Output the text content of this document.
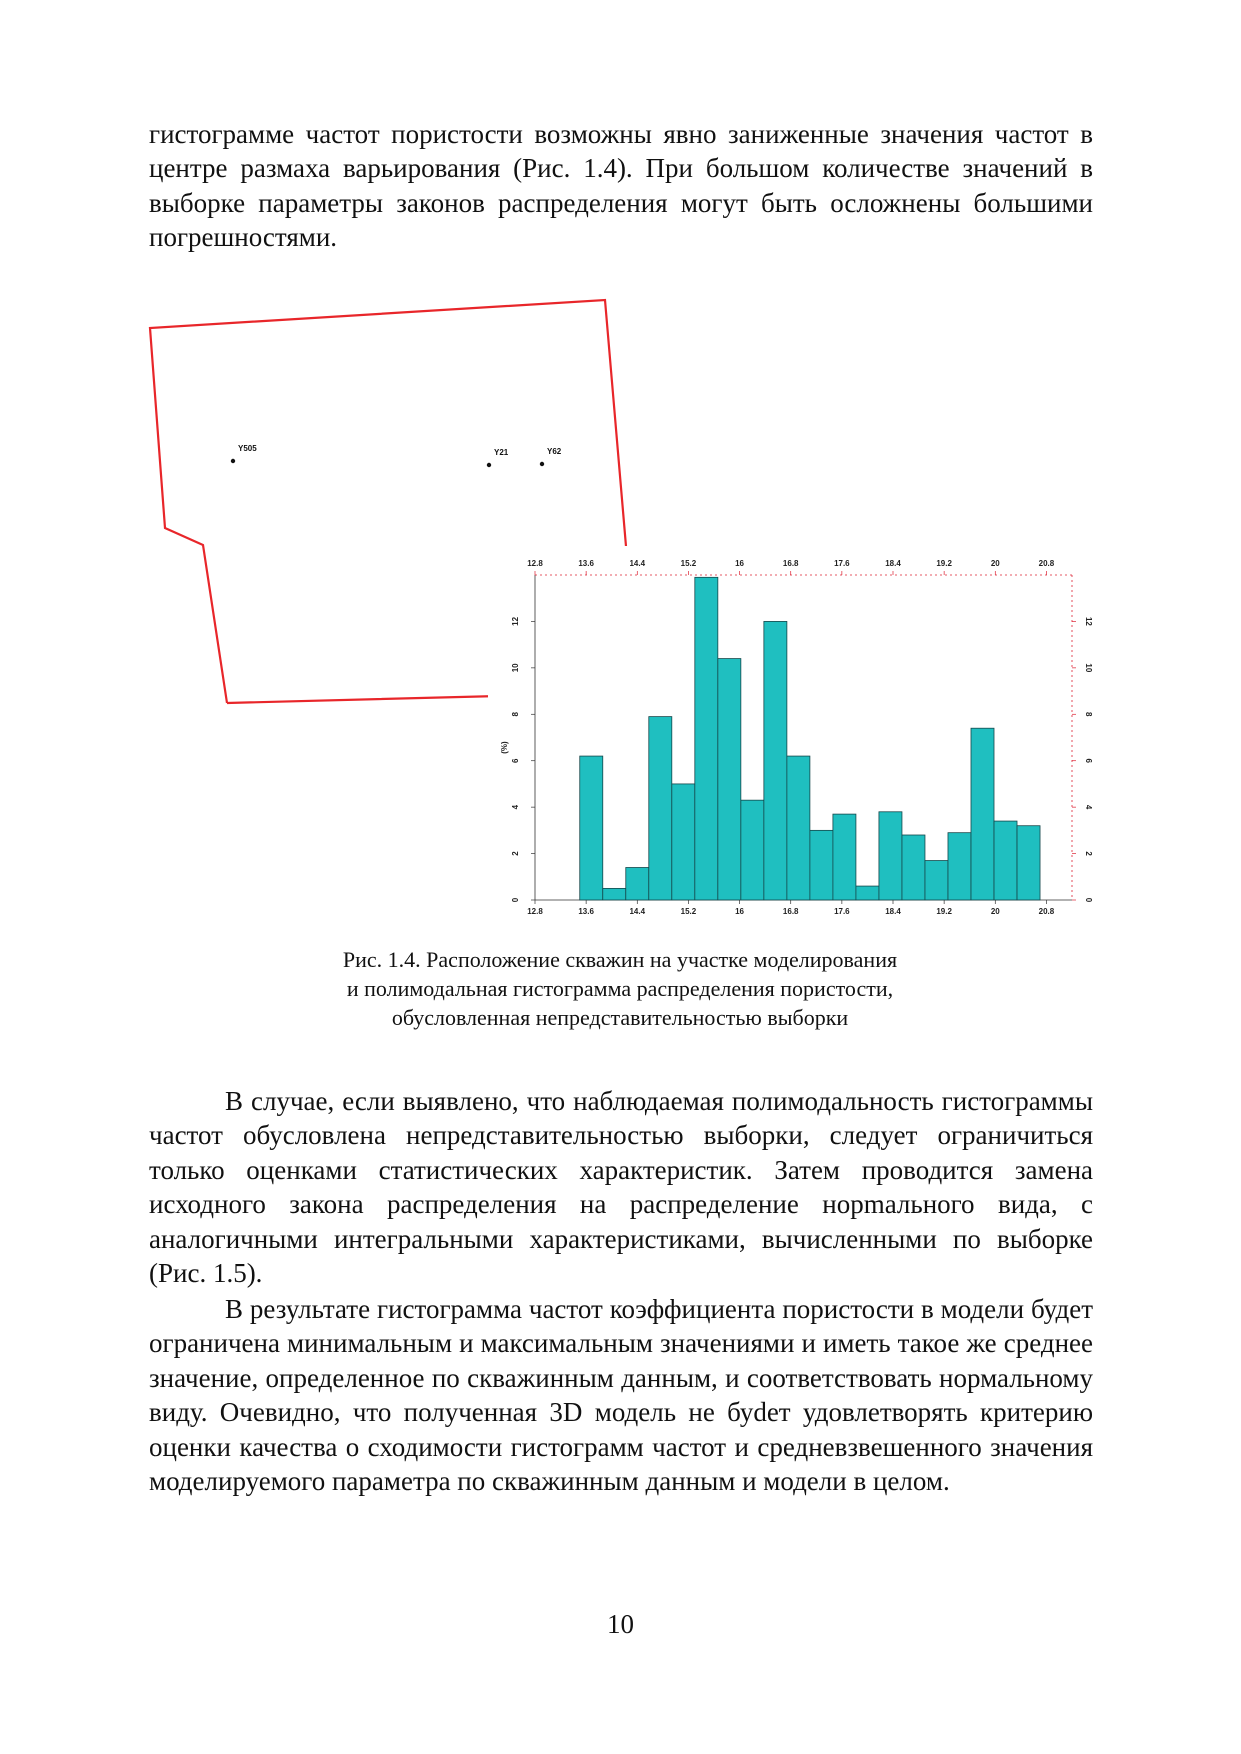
гистограмме частот пористости возможны явно заниженные значения частот в центре размаха варьирования (Рис. 1.4). При большом количестве значений в выборке параметры законов распределения могут быть осложнены большими погрешностями.

Y505	Y21	Y62
12.8
12.8
13.6
13.6
14.4
14.4
15.2
15.2
16
16
16.8
16.8
17.6
17.6
18.4
18.4
19.2
19.2
20
20
20.8
20.8
0	0
2	2
4	4
6	6
8	8
10	10
12	12
(%)

Рис. 1.4. Расположение скважин на участке моделирования
и полимодальная гистограмма распределения пористости,
обусловленная непредставительностью выборки

В случае, если выявлено, что наблюдаемая полимодальность гистограммы частот обусловлена непредставительностью выборки, следует ограничиться только оценками статистических характеристик. Затем проводится замена исходного закона распределения на распределение норmального вида, с аналогичными интегральными характеристиками, вычисленными по выборке (Рис. 1.5).

В результате гистограмма частот коэффициента пористости в модели будет ограничена минимальным и максимальным значениями и иметь такое же среднее значение, определенное по скважинным данным, и соответствовать нормальному виду. Очевидно, что полученная 3D модель не буdет удовлетворять критерию оценки качества о сходимости гистограмм частот и средневзвешенного значения моделируемого параметра по скважинным данным и модели в целом.

10
